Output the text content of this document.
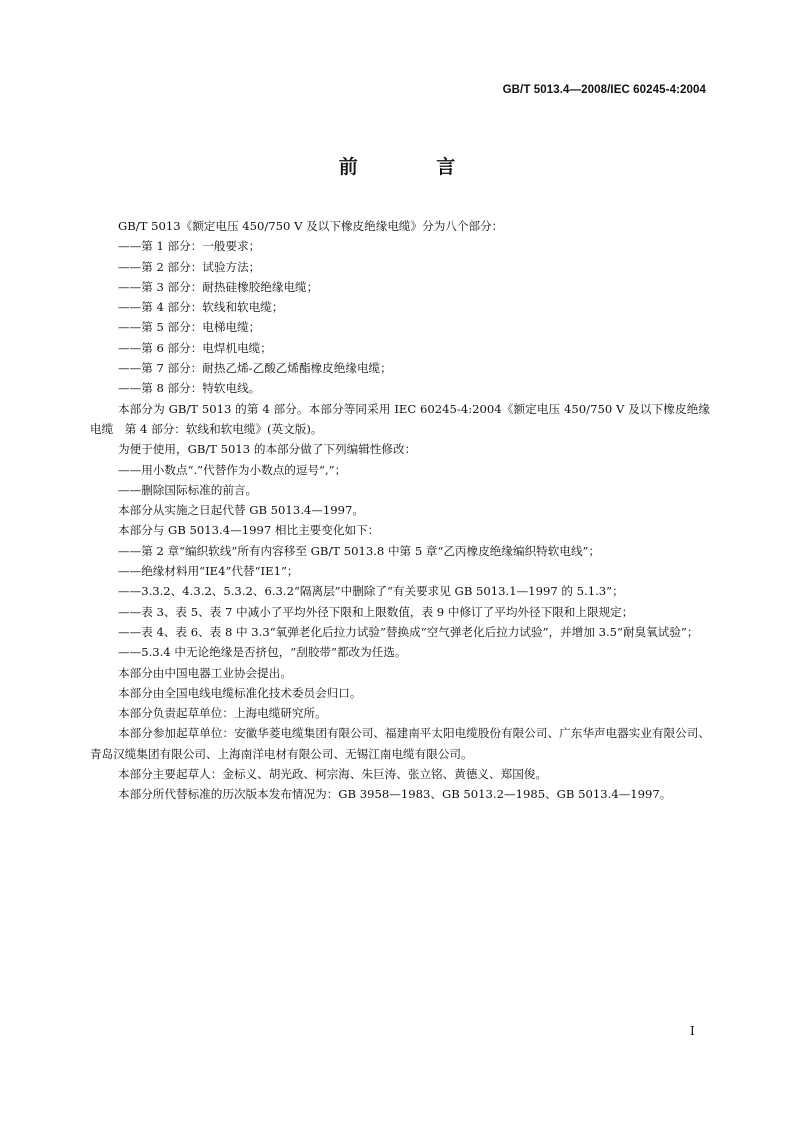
GB/T 5013.4—2008/IEC 60245-4:2004
前 言

GB/T 5013《额定电压 450/750 V 及以下橡皮绝缘电缆》分为八个部分：

——第 1 部分：一般要求；

——第 2 部分：试验方法；

——第 3 部分：耐热硅橡胶绝缘电缆；

——第 4 部分：软线和软电缆；

——第 5 部分：电梯电缆；

——第 6 部分：电焊机电缆；

——第 7 部分：耐热乙烯-乙酸乙烯酯橡皮绝缘电缆；

——第 8 部分：特软电线。

本部分为 GB/T 5013 的第 4 部分。本部分等同采用 IEC 60245-4:2004《额定电压 450/750 V 及以下橡皮绝缘电缆　第 4 部分：软线和软电缆》(英文版)。

为便于使用，GB/T 5013 的本部分做了下列编辑性修改：

——用小数点“.”代替作为小数点的逗号“,”；

——删除国际标准的前言。

本部分从实施之日起代替 GB 5013.4—1997。

本部分与 GB 5013.4—1997 相比主要变化如下：

——第 2 章“编织软线”所有内容移至 GB/T 5013.8 中第 5 章“乙丙橡皮绝缘编织特软电线”；

——绝缘材料用“IE4”代替“IE1”；

——3.3.2、4.3.2、5.3.2、6.3.2“隔离层”中删除了“有关要求见 GB 5013.1—1997 的 5.1.3”；

——表 3、表 5、表 7 中减小了平均外径下限和上限数值，表 9 中修订了平均外径下限和上限规定；

——表 4、表 6、表 8 中 3.3“氧弹老化后拉力试验”替换成“空气弹老化后拉力试验”，并增加 3.5“耐臭氧试验”；

——5.3.4 中无论绝缘是否挤包，“刮胶带”都改为任选。

本部分由中国电器工业协会提出。

本部分由全国电线电缆标准化技术委员会归口。

本部分负责起草单位：上海电缆研究所。

本部分参加起草单位：安徽华菱电缆集团有限公司、福建南平太阳电缆股份有限公司、广东华声电器实业有限公司、青岛汉缆集团有限公司、上海南洋电材有限公司、无锡江南电缆有限公司。

本部分主要起草人：金标义、胡光政、柯宗海、朱巨涛、张立铭、黄德义、郑国俊。

本部分所代替标准的历次版本发布情况为：GB 3958—1983、GB 5013.2—1985、GB 5013.4—1997。

I
